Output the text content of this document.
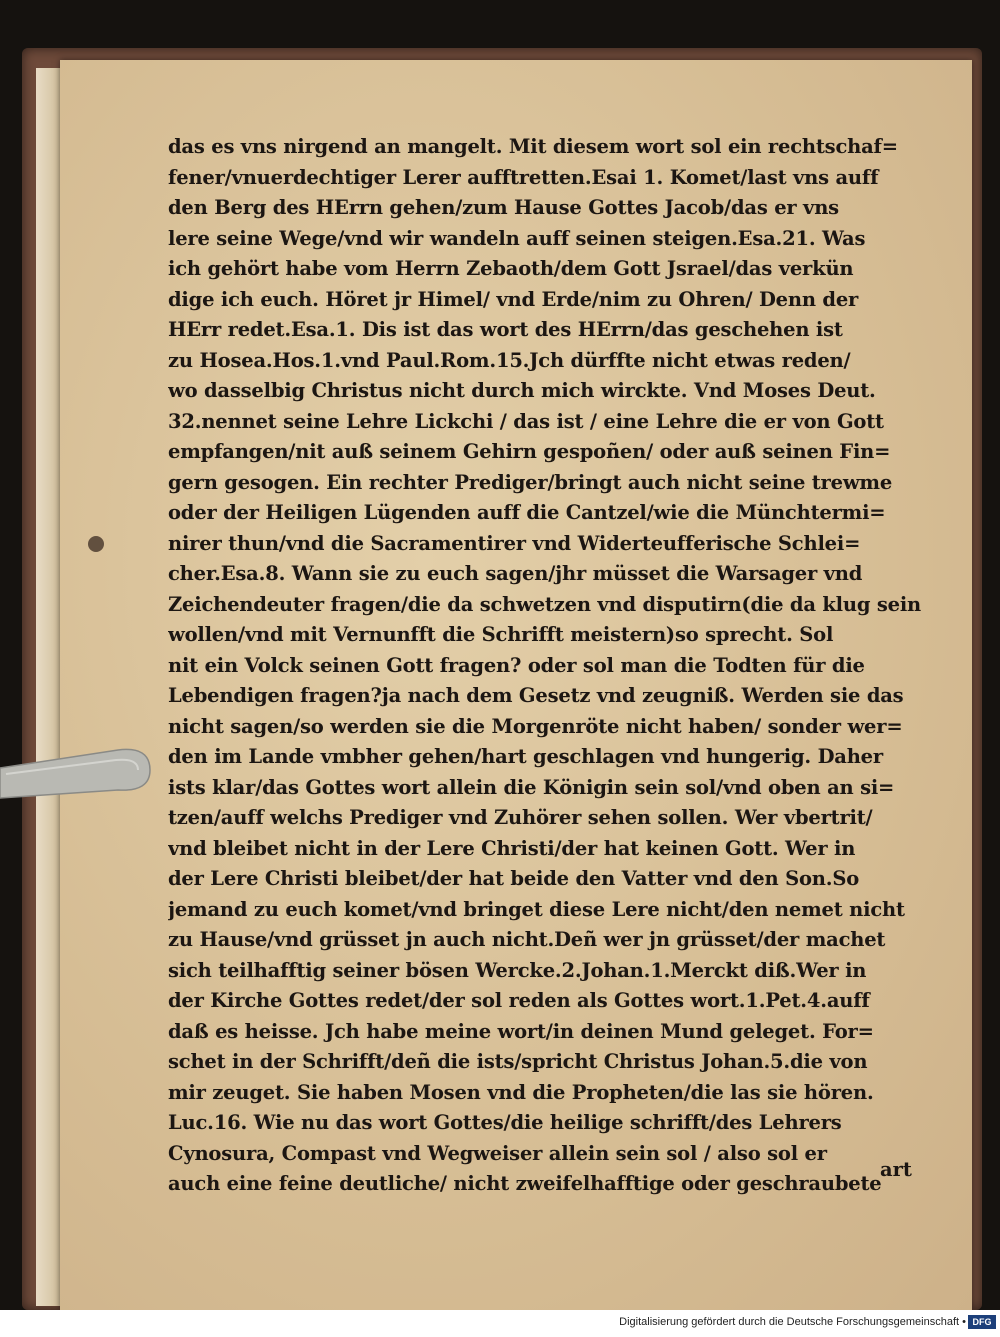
das es vns nirgend an mangelt. Mit diesem wort sol ein rechtschaf=
fener/vnuerdechtiger Lerer aufftretten.Esai 1. Komet/last vns auff
den Berg des HErrn gehen/zum Hause Gottes Jacob/das er vns
lere seine Wege/vnd wir wandeln auff seinen steigen.Esa.21. Was
ich gehört habe vom Herrn Zebaoth/dem Gott Jsrael/das verkün
dige ich euch. Höret jr Himel/ vnd Erde/nim zu Ohren/ Denn der
HErr redet.Esa.1. Dis ist das wort des HErrn/das geschehen ist
zu Hosea.Hos.1.vnd Paul.Rom.15.Jch dürffte nicht etwas reden/
wo dasselbig Christus nicht durch mich wirckte. Vnd Moses Deut.
32.nennet seine Lehre Lickchi / das ist / eine Lehre die er von Gott
empfangen/nit auß seinem Gehirn gespoñen/ oder auß seinen Fin=
gern gesogen. Ein rechter Prediger/bringt auch nicht seine trewme
oder der Heiligen Lügenden auff die Cantzel/wie die Münchtermi=
nirer thun/vnd die Sacramentirer vnd Widerteufferische Schlei=
cher.Esa.8. Wann sie zu euch sagen/jhr müsset die Warsager vnd
Zeichendeuter fragen/die da schwetzen vnd disputirn(die da klug sein
wollen/vnd mit Vernunfft die Schrifft meistern)so sprecht. Sol
nit ein Volck seinen Gott fragen? oder sol man die Todten für die
Lebendigen fragen?ja nach dem Gesetz vnd zeugniß. Werden sie das
nicht sagen/so werden sie die Morgenröte nicht haben/ sonder wer=
den im Lande vmbher gehen/hart geschlagen vnd hungerig. Daher
ists klar/das Gottes wort allein die Königin sein sol/vnd oben an si=
tzen/auff welchs Prediger vnd Zuhörer sehen sollen. Wer vbertrit/
vnd bleibet nicht in der Lere Christi/der hat keinen Gott. Wer in
der Lere Christi bleibet/der hat beide den Vatter vnd den Son.So
jemand zu euch komet/vnd bringet diese Lere nicht/den nemet nicht
zu Hause/vnd grüsset jn auch nicht.Deñ wer jn grüsset/der machet
sich teilhafftig seiner bösen Wercke.2.Johan.1.Merckt diß.Wer in
der Kirche Gottes redet/der sol reden als Gottes wort.1.Pet.4.auff
daß es heisse. Jch habe meine wort/in deinen Mund geleget. For=
schet in der Schrifft/deñ die ists/spricht Christus Johan.5.die von
mir zeuget. Sie haben Mosen vnd die Propheten/die las sie hören.
Luc.16. Wie nu das wort Gottes/die heilige schrifft/des Lehrers
Cynosura, Compast vnd Wegweiser allein sein sol / also sol er
auch eine feine deutliche/ nicht zweifelhafftige oder geschraubete
art
Digitalisierung gefördert durch die Deutsche Forschungsgemeinschaft • DFG
